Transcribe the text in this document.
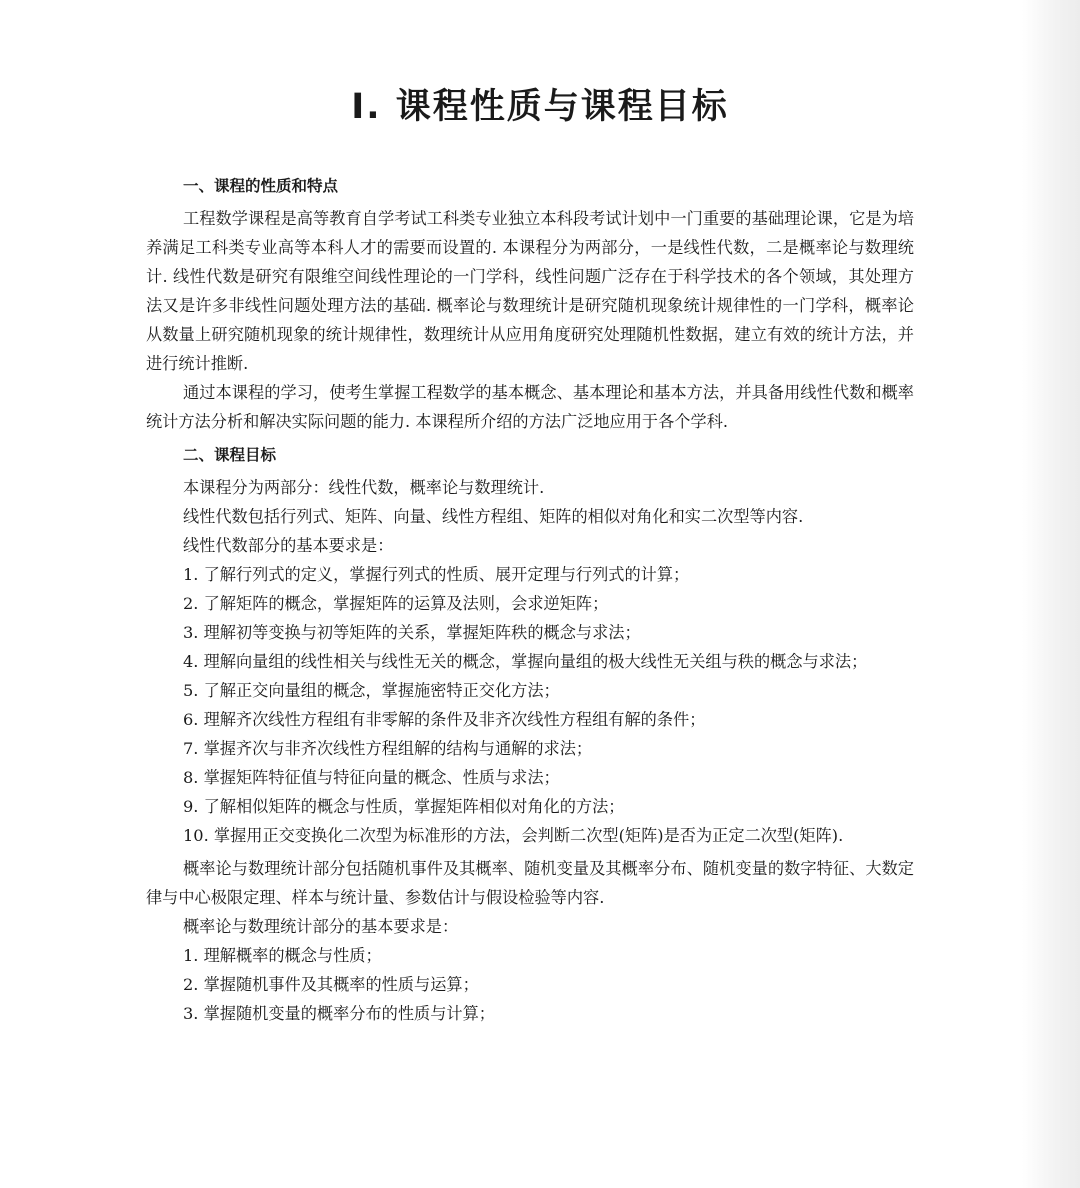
Ⅰ. 课程性质与课程目标

一、课程的性质和特点

工程数学课程是高等教育自学考试工科类专业独立本科段考试计划中一门重要的基础理论课，它是为培养满足工科类专业高等本科人才的需要而设置的. 本课程分为两部分，一是线性代数，二是概率论与数理统计. 线性代数是研究有限维空间线性理论的一门学科，线性问题广泛存在于科学技术的各个领域，其处理方法又是许多非线性问题处理方法的基础. 概率论与数理统计是研究随机现象统计规律性的一门学科，概率论从数量上研究随机现象的统计规律性，数理统计从应用角度研究处理随机性数据，建立有效的统计方法，并进行统计推断.

通过本课程的学习，使考生掌握工程数学的基本概念、基本理论和基本方法，并具备用线性代数和概率统计方法分析和解决实际问题的能力. 本课程所介绍的方法广泛地应用于各个学科.

二、课程目标

本课程分为两部分：线性代数，概率论与数理统计.

线性代数包括行列式、矩阵、向量、线性方程组、矩阵的相似对角化和实二次型等内容.

线性代数部分的基本要求是：

1. 了解行列式的定义，掌握行列式的性质、展开定理与行列式的计算；

2. 了解矩阵的概念，掌握矩阵的运算及法则，会求逆矩阵；

3. 理解初等变换与初等矩阵的关系，掌握矩阵秩的概念与求法；

4. 理解向量组的线性相关与线性无关的概念，掌握向量组的极大线性无关组与秩的概念与求法；

5. 了解正交向量组的概念，掌握施密特正交化方法；

6. 理解齐次线性方程组有非零解的条件及非齐次线性方程组有解的条件；

7. 掌握齐次与非齐次线性方程组解的结构与通解的求法；

8. 掌握矩阵特征值与特征向量的概念、性质与求法；

9. 了解相似矩阵的概念与性质，掌握矩阵相似对角化的方法；

10. 掌握用正交变换化二次型为标准形的方法，会判断二次型(矩阵)是否为正定二次型(矩阵).

概率论与数理统计部分包括随机事件及其概率、随机变量及其概率分布、随机变量的数字特征、大数定律与中心极限定理、样本与统计量、参数估计与假设检验等内容.

概率论与数理统计部分的基本要求是：

1. 理解概率的概念与性质；

2. 掌握随机事件及其概率的性质与运算；

3. 掌握随机变量的概率分布的性质与计算；
